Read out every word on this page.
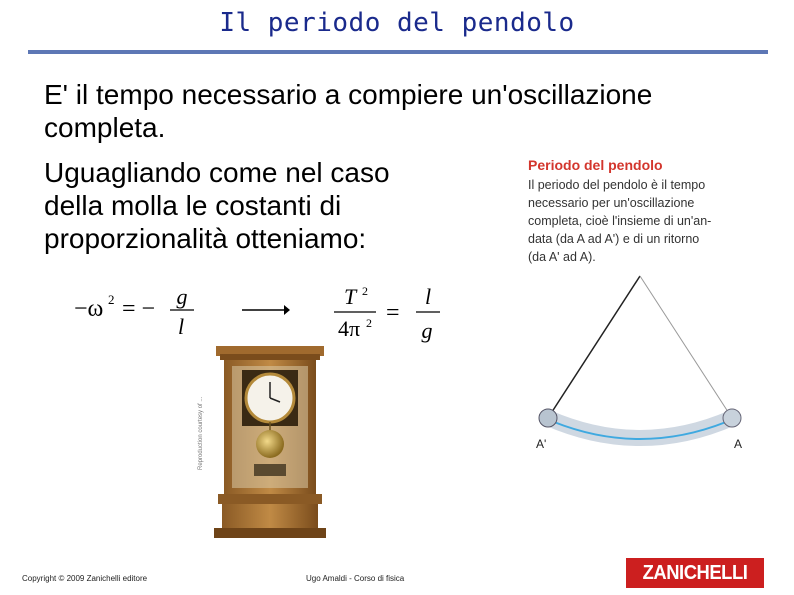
Il periodo del pendolo

E' il tempo necessario a compiere un'oscillazione

completa.

Uguagliando come nel caso

della molla le costanti di

proporzionalità otteniamo:

−ω 2 = − g
l
T 2
4π 2 =
l
g
Periodo del pendolo
Il periodo del pendolo è il tempo
necessario per un'oscillazione
completa, cioè l'insieme di un'an-
data (da A ad A') e di un ritorno
(da A' ad A).
Reproduction courtesy of ...	A'	A
Copyright © 2009 Zanichelli editore	Ugo Amaldi - Corso di fisica	ZANICHELLI
